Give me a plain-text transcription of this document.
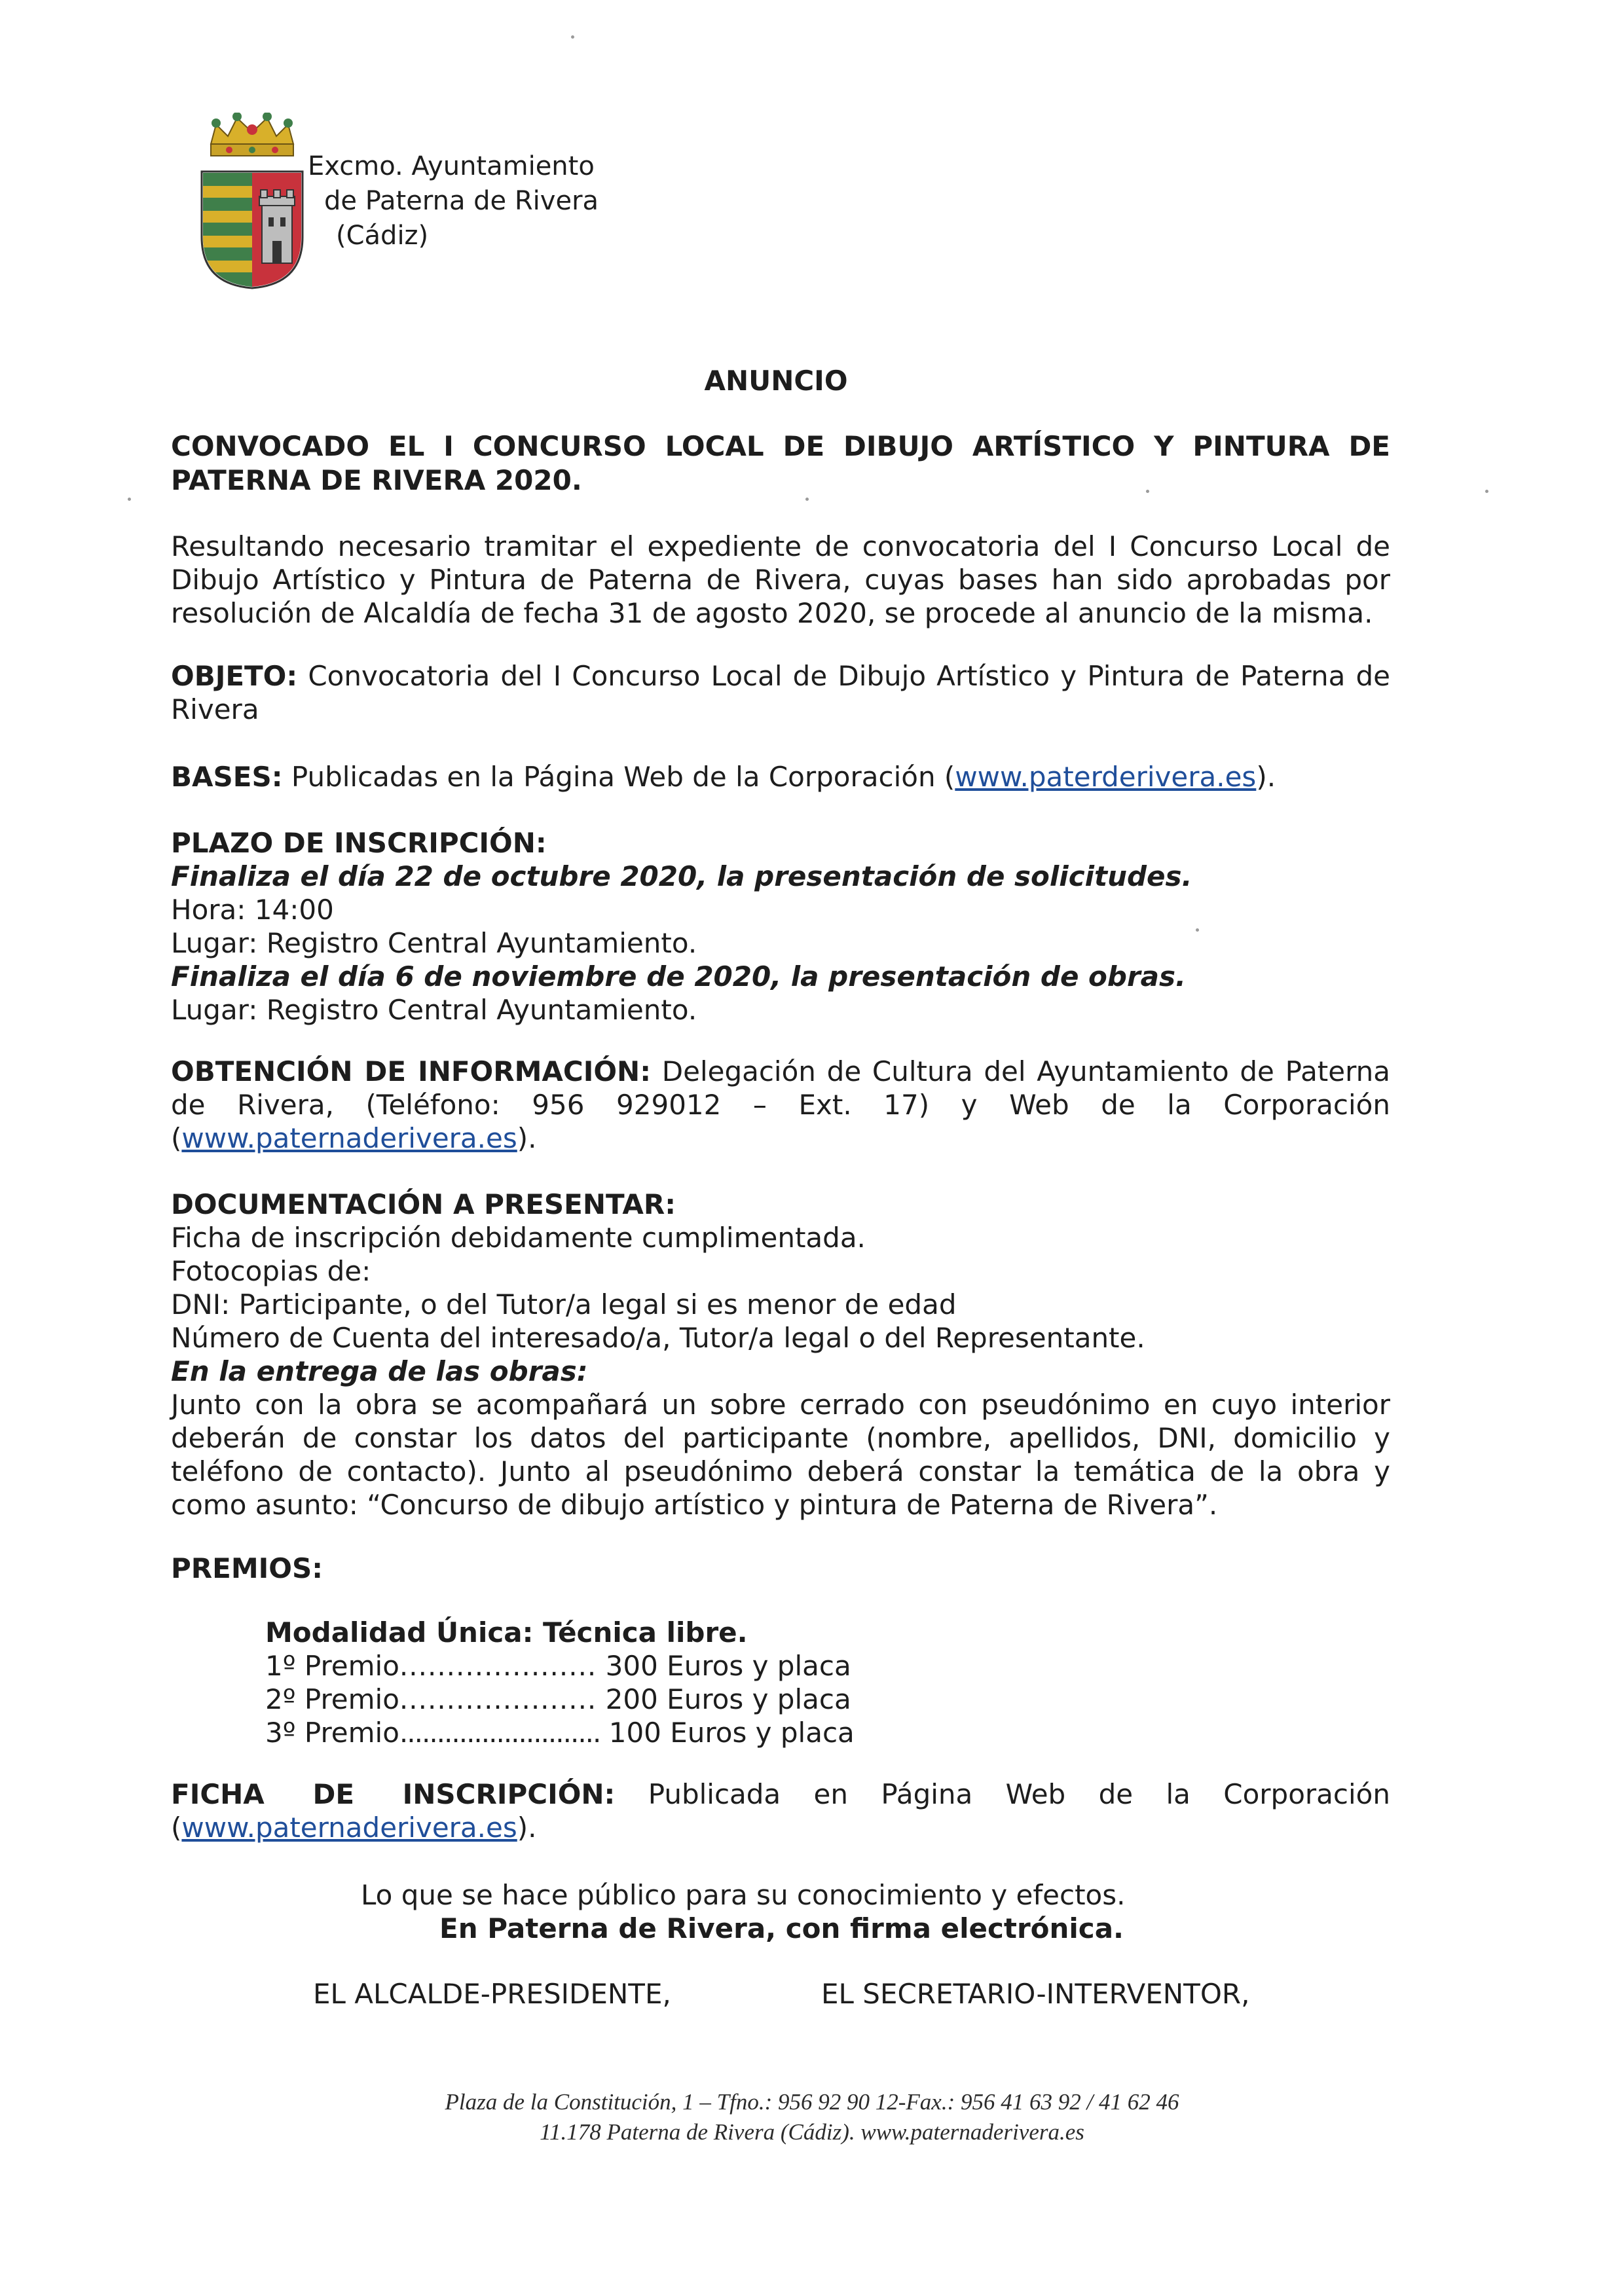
Excmo. Ayuntamiento
de Paterna de Rivera
(Cádiz)
ANUNCIO
CONVOCADO EL I CONCURSO LOCAL DE DIBUJO ARTÍSTICO Y PINTURA DE PATERNA DE RIVERA 2020.
Resultando necesario tramitar el expediente de convocatoria del I Concurso Local de Dibujo Artístico y Pintura de Paterna de Rivera, cuyas bases han sido aprobadas por resolución de Alcaldía de fecha 31 de agosto 2020, se procede al anuncio de la misma.
OBJETO: Convocatoria del I Concurso Local de Dibujo Artístico y Pintura de Paterna de Rivera
BASES: Publicadas en la Página Web de la Corporación (www.paterderivera.es).
PLAZO DE INSCRIPCIÓN:
Finaliza el día 22 de octubre 2020, la presentación de solicitudes.
Hora: 14:00
Lugar: Registro Central Ayuntamiento.
Finaliza el día 6 de noviembre de 2020, la presentación de obras.
Lugar: Registro Central Ayuntamiento.
OBTENCIÓN DE INFORMACIÓN: Delegación de Cultura del Ayuntamiento de Paterna de Rivera, (Teléfono: 956 929012 – Ext. 17) y Web de la Corporación (www.paternaderivera.es).
DOCUMENTACIÓN A PRESENTAR:
Ficha de inscripción debidamente cumplimentada.
Fotocopias de:
DNI: Participante, o del Tutor/a legal si es menor de edad
Número de Cuenta del interesado/a, Tutor/a legal o del Representante.
En la entrega de las obras:
Junto con la obra se acompañará un sobre cerrado con pseudónimo en cuyo interior deberán de constar los datos del participante (nombre, apellidos, DNI, domicilio y teléfono de contacto). Junto al pseudónimo deberá constar la temática de la obra y como asunto: “Concurso de dibujo artístico y pintura de Paterna de Rivera”.
PREMIOS:
Modalidad Única: Técnica libre.
1º Premio..................... 300 Euros y placa
2º Premio..................... 200 Euros y placa
3º Premio........................... 100 Euros y placa
FICHA DE INSCRIPCIÓN: Publicada en Página Web de la Corporación (www.paternaderivera.es).
Lo que se hace público para su conocimiento y efectos.
En Paterna de Rivera, con firma electrónica.
EL ALCALDE-PRESIDENTE,	EL SECRETARIO-INTERVENTOR,
Plaza de la Constitución, 1 – Tfno.: 956 92 90 12-Fax.: 956 41 63 92 / 41 62 46
11.178 Paterna de Rivera (Cádiz). www.paternaderivera.es
